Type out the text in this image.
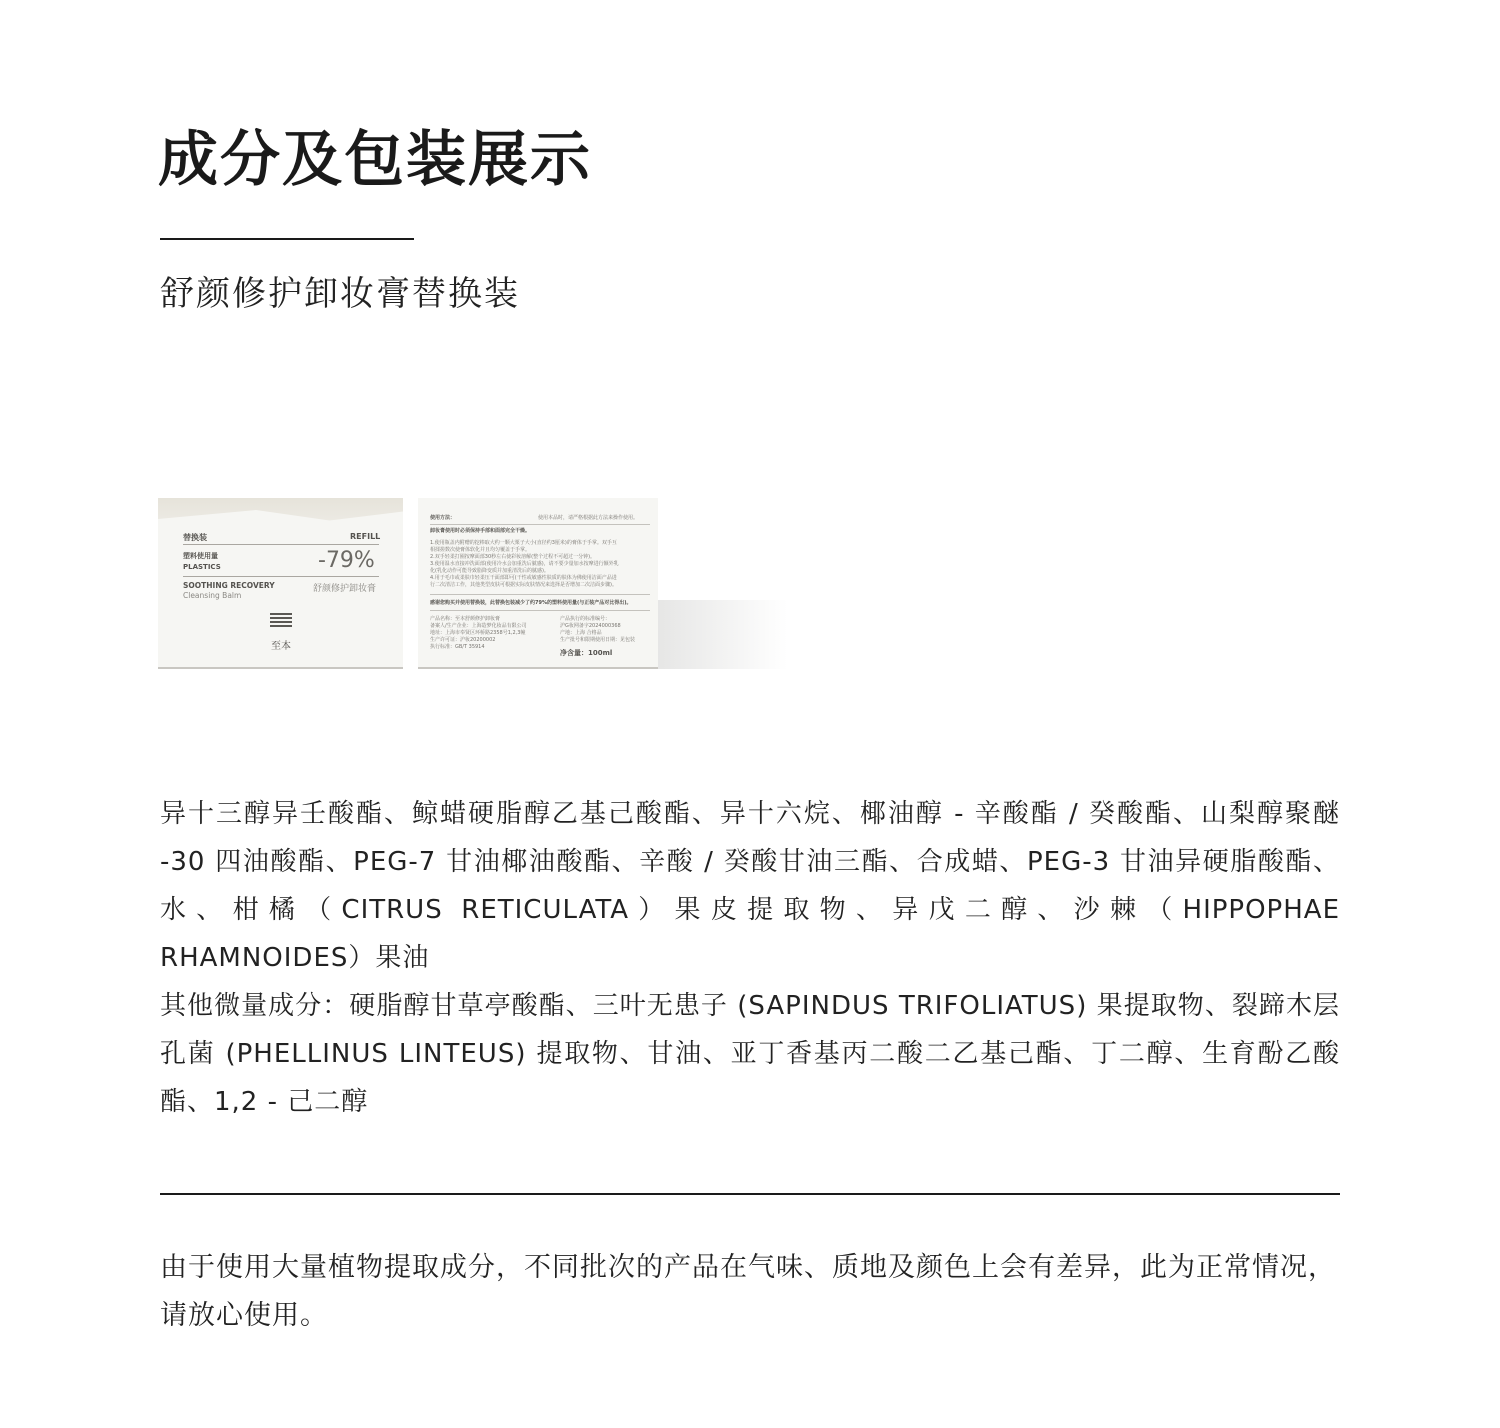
成分及包装展示
舒颜修护卸妆膏替换装
替换装	REFILL
塑料使用量
PLASTICS	-79%
SOOTHING RECOVERY
Cleansing Balm
舒颜修护卸妆膏
至本
使用方法：	使用本品时，请严格根据此方法来操作使用。
卸妆膏使用时必须保持手部和面部完全干燥。
1.使用瓶盖内附赠的挖棒取大约一颗大栗子大小(直径约3厘米)的膏体于手掌。双手互
相揉搓数次使膏体软化并且均匀覆盖于手掌。
2.双手轻柔打圈按摩面部30秒左右使彩妆溶解(整个过程不可超过一分钟)。
3.使用温水直接冲洗面部(使用冷水会加重洗后腻感)，请不要少量加水按摩进行额外乳
化(乳化动作可能导致脂降变质并加重清洗后的腻感)。
4.用于毛巾或柔肤巾轻柔压干面部即可(干性或敏感性肤质的肤体为佛使用洁面产品进
行二次清洁工作，其他类型皮肤可根据实际皮肤情况来选择是否增加二次洁面步骤)。
感谢您购买并使用替换装，此替换包装减少了约79%的塑料使用量(与正装产品对比得出)。
产品名称：至本舒颜修护卸妆膏
备案人/生产企业：上海造梦化妆品有限公司
地址：上海市奉贤区环桥路2358号1,2,3幢
生产许可证：沪妆20200002
执行标准：GB/T 35914
产品执行的标准编号：
沪G妆网备字2024000368
产地：上海 合格品
生产批号和限期使用日期：见包装
净含量：100ml

异十三醇异壬酸酯、鲸蜡硬脂醇乙基己酸酯、异十六烷、椰油醇 - 辛酸酯 / 癸酸酯、山梨醇聚醚 -30 四油酸酯、PEG-7 甘油椰油酸酯、辛酸 / 癸酸甘油三酯、合成蜡、PEG-3 甘油异硬脂酸酯、水、柑橘（CITRUS RETICULATA）果皮提取物、异戊二醇、沙棘（HIPPOPHAE RHAMNOIDES）果油

其他微量成分：硬脂醇甘草亭酸酯、三叶无患子 (SAPINDUS TRIFOLIATUS) 果提取物、裂蹄木层孔菌 (PHELLINUS LINTEUS) 提取物、甘油、亚丁香基丙二酸二乙基己酯、丁二醇、生育酚乙酸酯、1,2 - 己二醇

由于使用大量植物提取成分，不同批次的产品在气味、质地及颜色上会有差异，此为正常情况，请放心使用。
